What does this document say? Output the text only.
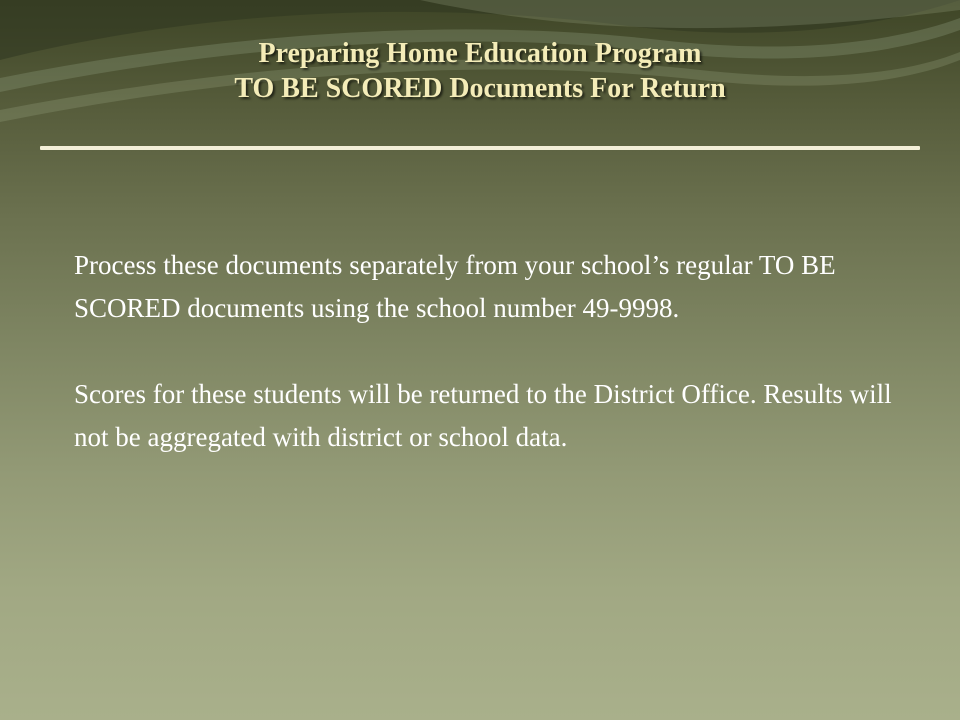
Preparing Home Education Program
TO BE SCORED Documents For Return

Process these documents separately from your school’s regular TO BE SCORED documents using the school number 49-9998.

Scores for these students will be returned to the District Office. Results will not be aggregated with district or school data.
